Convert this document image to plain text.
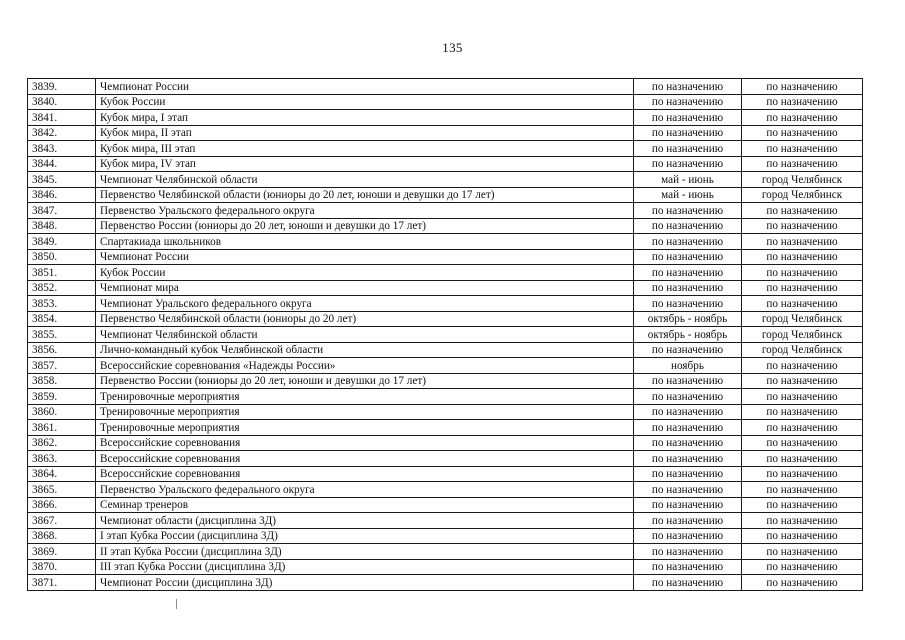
135
3839.	Чемпионат России	по назначению	по назначению
3840.	Кубок России	по назначению	по назначению
3841.	Кубок мира, I этап	по назначению	по назначению
3842.	Кубок мира, II этап	по назначению	по назначению
3843.	Кубок мира, III этап	по назначению	по назначению
3844.	Кубок мира, IV этап	по назначению	по назначению
3845.	Чемпионат Челябинской области	май - июнь	город Челябинск
3846.	Первенство Челябинской области (юниоры до 20 лет, юноши и девушки до 17 лет)	май - июнь	город Челябинск
3847.	Первенство Уральского федерального округа	по назначению	по назначению
3848.	Первенство России (юниоры до 20 лет, юноши и девушки до 17 лет)	по назначению	по назначению
3849.	Спартакиада школьников	по назначению	по назначению
3850.	Чемпионат России	по назначению	по назначению
3851.	Кубок России	по назначению	по назначению
3852.	Чемпионат мира	по назначению	по назначению
3853.	Чемпионат Уральского федерального округа	по назначению	по назначению
3854.	Первенство Челябинской области (юниоры до 20 лет)	октябрь - ноябрь	город Челябинск
3855.	Чемпионат Челябинской области	октябрь - ноябрь	город Челябинск
3856.	Лично-командный кубок Челябинской области	по назначению	город Челябинск
3857.	Всероссийские соревнования «Надежды России»	ноябрь	по назначению
3858.	Первенство России (юниоры до 20 лет, юноши и девушки до 17 лет)	по назначению	по назначению
3859.	Тренировочные мероприятия	по назначению	по назначению
3860.	Тренировочные мероприятия	по назначению	по назначению
3861.	Тренировочные мероприятия	по назначению	по назначению
3862.	Всероссийские соревнования	по назначению	по назначению
3863.	Всероссийские соревнования	по назначению	по назначению
3864.	Всероссийские соревнования	по назначению	по назначению
3865.	Первенство Уральского федерального округа	по назначению	по назначению
3866.	Семинар тренеров	по назначению	по назначению
3867.	Чемпионат области (дисциплина 3Д)	по назначению	по назначению
3868.	I этап Кубка России (дисциплина 3Д)	по назначению	по назначению
3869.	II этап Кубка России (дисциплина 3Д)	по назначению	по назначению
3870.	III этап Кубка России (дисциплина 3Д)	по назначению	по назначению
3871.	Чемпионат России (дисциплина 3Д)	по назначению	по назначению
